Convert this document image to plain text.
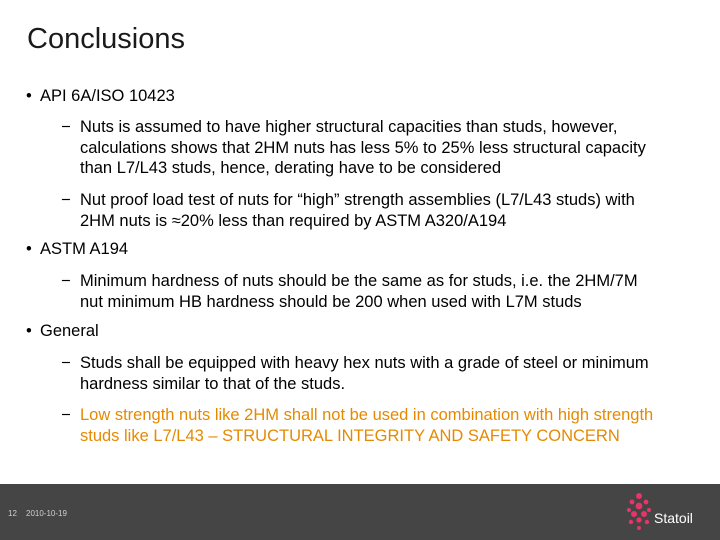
Conclusions
• API 6A/ISO 10423
− Nuts is assumed to have higher structural capacities than studs, however, calculations shows that 2HM nuts has less 5% to 25% less structural capacity than L7/L43 studs, hence, derating have to be considered
− Nut proof load test of nuts for “high” strength assemblies (L7/L43 studs) with 2HM nuts is ≈20% less than required by ASTM A320/A194
• ASTM A194
− Minimum hardness of nuts should be the same as for studs, i.e. the 2HM/7M nut minimum HB hardness should be 200 when used with L7M studs
• General
− Studs shall be equipped with heavy hex nuts with a grade of steel or minimum hardness similar to that of the studs.
− Low strength nuts like 2HM shall not be used in combination with high strength studs like L7/L43 – STRUCTURAL INTEGRITY AND SAFETY CONCERN
12 2010-10-19	Statoil
